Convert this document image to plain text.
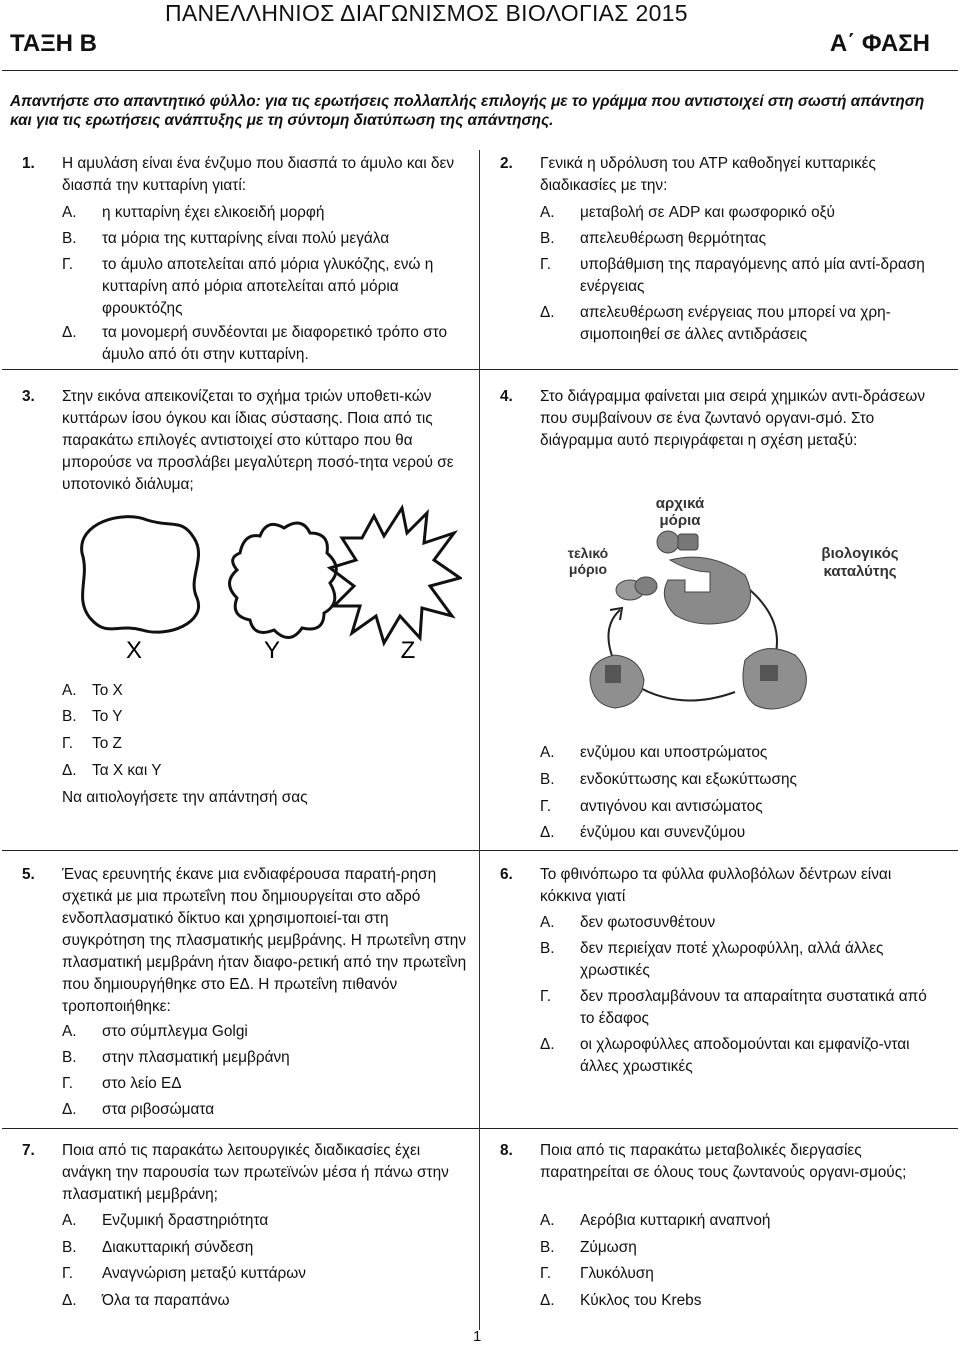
ΠΑΝΕΛΛΗΝΙΟΣ ΔΙΑΓΩΝΙΣΜΟΣ ΒΙΟΛΟΓΙΑΣ 2015
ΤΑΞΗ Β	Α΄ ΦΑΣΗ
Απαντήστε στο απαντητικό φύλλο: για τις ερωτήσεις πολλαπλής επιλογής με το γράμμα που αντιστοιχεί στη σωστή απάντηση και για τις ερωτήσεις ανάπτυξης με τη σύντομη διατύπωση της απάντησης.
1. Η αμυλάση είναι ένα ένζυμο που διασπά το άμυλο και δεν διασπά την κυτταρίνη γιατί:
Α. η κυτταρίνη έχει ελικοειδή μορφή
Β. τα μόρια της κυτταρίνης είναι πολύ μεγάλα
Γ. το άμυλο αποτελείται από μόρια γλυκόζης, ενώ η κυτταρίνη από μόρια αποτελείται από μόρια φρουκτόζης
Δ. τα μονομερή συνδέονται με διαφορετικό τρόπο στο άμυλο από ότι στην κυτταρίνη.
2. Γενικά η υδρόλυση του ATP καθοδηγεί κυτταρικές διαδικασίες με την:
Α. μεταβολή σε ADP και φωσφορικό οξύ
Β. απελευθέρωση θερμότητας
Γ. υποβάθμιση της παραγόμενης από μία αντί-δραση ενέργειας
Δ. απελευθέρωση ενέργειας που μπορεί να χρη-σιμοποιηθεί σε άλλες αντιδράσεις
3. Στην εικόνα απεικονίζεται το σχήμα τριών υποθετι-κών κυττάρων ίσου όγκου και ίδιας σύστασης. Ποια από τις παρακάτω επιλογές αντιστοιχεί στο κύτταρο που θα μπορούσε να προσλάβει μεγαλύτερη ποσό-τητα νερού σε υποτονικό διάλυμα;
X	Y	Z
Α. Το Χ
Β. Το Υ
Γ. Το Ζ
Δ. Τα Χ και Υ
Να αιτιολογήσετε την απάντησή σας
4. Στο διάγραμμα φαίνεται μια σειρά χημικών αντι-δράσεων που συμβαίνουν σε ένα ζωντανό οργανι-σμό. Στο διάγραμμα αυτό περιγράφεται η σχέση μεταξύ:
αρχικά
μόρια
τελικό
μόριο
βιολογικός
καταλύτης
Α. ενζύμου και υποστρώματος
Β. ενδοκύττωσης και εξωκύττωσης
Γ. αντιγόνου και αντισώματος
Δ. ένζύμου και συνενζύμου
5. Ένας ερευνητής έκανε μια ενδιαφέρουσα παρατή-ρηση σχετικά με μια πρωτεΐνη που δημιουργείται στο αδρό ενδοπλασματικό δίκτυο και χρησιμοποιεί-ται στη συγκρότηση της πλασματικής μεμβράνης. Η πρωτεΐνη στην πλασματική μεμβράνη ήταν διαφο-ρετική από την πρωτεΐνη που δημιουργήθηκε στο ΕΔ. Η πρωτεΐνη πιθανόν τροποποιήθηκε:
Α. στο σύμπλεγμα Golgi
Β. στην πλασματική μεμβράνη
Γ. στο λείο ΕΔ
Δ. στα ριβοσώματα
6. Το φθινόπωρο τα φύλλα φυλλοβόλων δέντρων είναι κόκκινα γιατί
Α. δεν φωτοσυνθέτουν
Β. δεν περιείχαν ποτέ χλωροφύλλη, αλλά άλλες χρωστικές
Γ. δεν προσλαμβάνουν τα απαραίτητα συστατικά από το έδαφος
Δ. οι χλωροφύλλες αποδομούνται και εμφανίζο-νται άλλες χρωστικές
7. Ποια από τις παρακάτω λειτουργικές διαδικασίες έχει ανάγκη την παρουσία των πρωτεϊνών μέσα ή πάνω στην πλασματική μεμβράνη;
Α. Ενζυμική δραστηριότητα
Β. Διακυτταρική σύνδεση
Γ. Αναγνώριση μεταξύ κυττάρων
Δ. Όλα τα παραπάνω
8. Ποια από τις παρακάτω μεταβολικές διεργασίες παρατηρείται σε όλους τους ζωντανούς οργανι-σμούς;
Α. Αερόβια κυτταρική αναπνοή
Β. Ζύμωση
Γ. Γλυκόλυση
Δ. Κύκλος του Krebs
1
